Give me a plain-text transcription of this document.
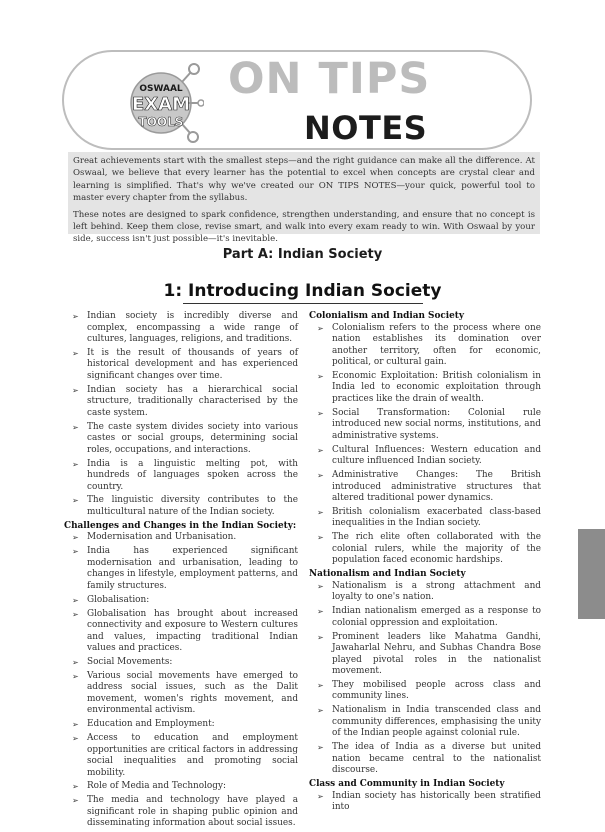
OSWAAL
EXAM
TOOLS
ON TIPS
NOTES

Great achievements start with the smallest steps—and the right guidance can make all the difference. At Oswaal, we believe that every learner has the potential to excel when concepts are crystal clear and learning is simplified. That's why we've created our ON TIPS NOTES—your quick, powerful tool to master every chapter from the syllabus.

These notes are designed to spark confidence, strengthen understanding, and ensure that no concept is left behind. Keep them close, revise smart, and walk into every exam ready to win. With Oswaal by your side, success isn't just possible—it's inevitable.

Part A: Indian Society
1: Introducing Indian Society

➢ Indian society is incredibly diverse and complex, encompassing a wide range of cultures, languages, religions, and traditions.

➢ It is the result of thousands of years of historical development and has experienced significant changes over time.

➢ Indian society has a hierarchical social structure, traditionally characterised by the caste system.

➢ The caste system divides society into various castes or social groups, determining social roles, occupations, and interactions.

➢ India is a linguistic melting pot, with hundreds of languages spoken across the country.

➢ The linguistic diversity contributes to the multicultural nature of the Indian society.

Challenges and Changes in the Indian Society:

➢ Modernisation and Urbanisation.

➢ India has experienced significant modernisation and urbanisation, leading to changes in lifestyle, employment patterns, and family structures.

➢ Globalisation:

➢ Globalisation has brought about increased connectivity and exposure to Western cultures and values, impacting traditional Indian values and practices.

➢ Social Movements:

➢ Various social movements have emerged to address social issues, such as the Dalit movement, women's rights movement, and environmental activism.

➢ Education and Employment:

➢ Access to education and employment opportunities are critical factors in addressing social inequalities and promoting social mobility.

➢ Role of Media and Technology:

➢ The media and technology have played a significant role in shaping public opinion and disseminating information about social issues.

Colonialism and Indian Society

➢ Colonialism refers to the process where one nation establishes its domination over another territory, often for economic, political, or cultural gain.

➢ Economic Exploitation: British colonialism in India led to economic exploitation through practices like the drain of wealth.

➢ Social Transformation: Colonial rule introduced new social norms, institutions, and administrative systems.

➢ Cultural Influences: Western education and culture influenced Indian society.

➢ Administrative Changes: The British introduced administrative structures that altered traditional power dynamics.

➢ British colonialism exacerbated class-based inequalities in the Indian society.

➢ The rich elite often collaborated with the colonial rulers, while the majority of the population faced economic hardships.

Nationalism and Indian Society

➢ Nationalism is a strong attachment and loyalty to one's nation.

➢ Indian nationalism emerged as a response to colonial oppression and exploitation.

➢ Prominent leaders like Mahatma Gandhi, Jawaharlal Nehru, and Subhas Chandra Bose played pivotal roles in the nationalist movement.

➢ They mobilised people across class and community lines.

➢ Nationalism in India transcended class and community differences, emphasising the unity of the Indian people against colonial rule.

➢ The idea of India as a diverse but united nation became central to the nationalist discourse.

Class and Community in Indian Society

➢ Indian society has historically been stratified into
